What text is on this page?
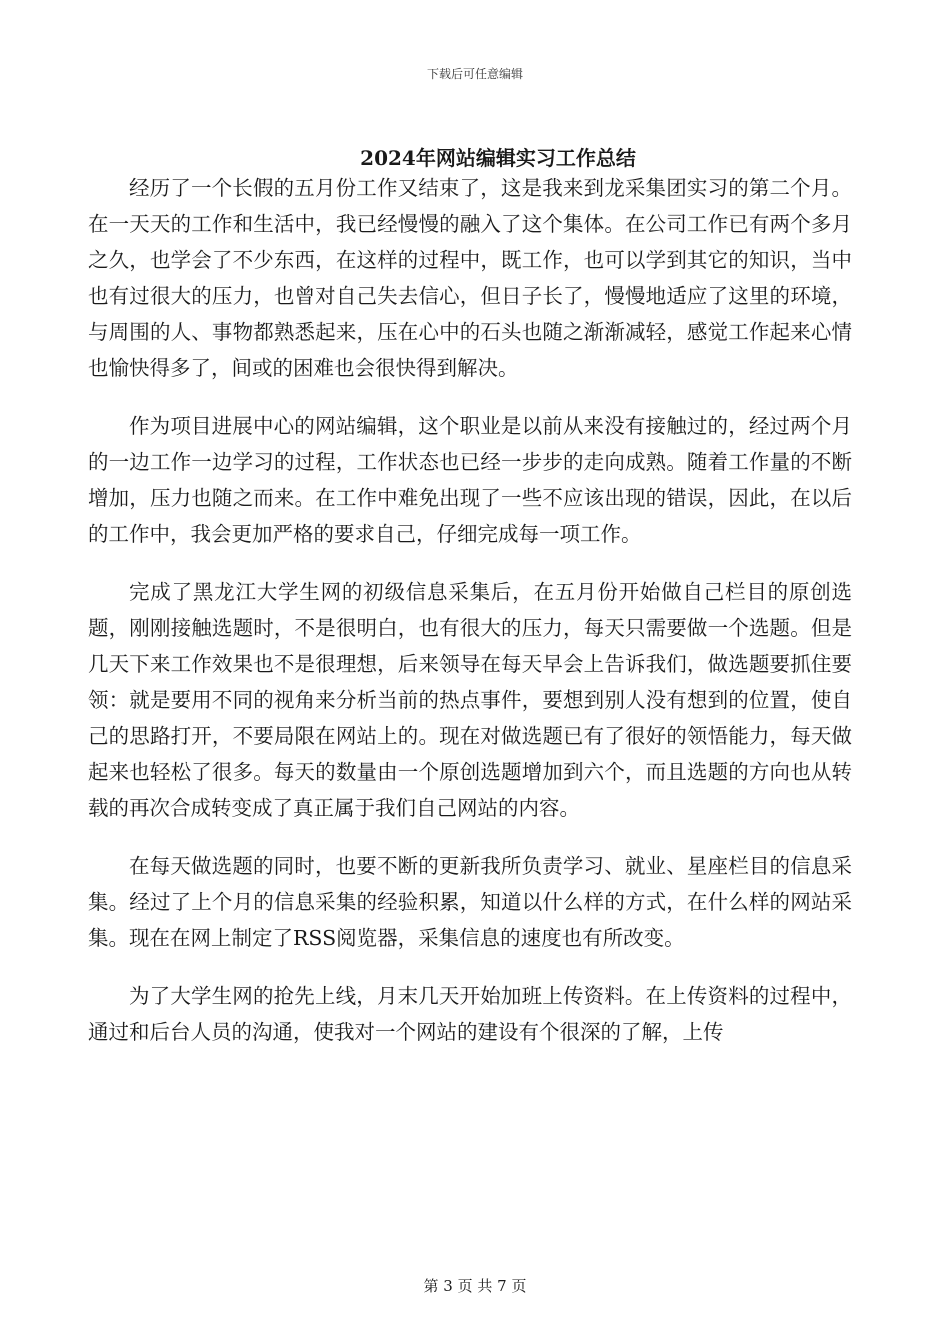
下载后可任意编辑
2024年网站编辑实习工作总结

经历了一个长假的五月份工作又结束了，这是我来到龙采集团实习的第二个月。在一天天的工作和生活中，我已经慢慢的融入了这个集体。在公司工作已有两个多月之久，也学会了不少东西，在这样的过程中，既工作，也可以学到其它的知识，当中也有过很大的压力，也曾对自己失去信心，但日子长了，慢慢地适应了这里的环境，与周围的人、事物都熟悉起来，压在心中的石头也随之渐渐减轻，感觉工作起来心情也愉快得多了，间或的困难也会很快得到解决。

作为项目进展中心的网站编辑，这个职业是以前从来没有接触过的，经过两个月的一边工作一边学习的过程，工作状态也已经一步步的走向成熟。随着工作量的不断增加，压力也随之而来。在工作中难免出现了一些不应该出现的错误，因此，在以后的工作中，我会更加严格的要求自己，仔细完成每一项工作。

完成了黑龙江大学生网的初级信息采集后，在五月份开始做自己栏目的原创选题，刚刚接触选题时，不是很明白，也有很大的压力，每天只需要做一个选题。但是几天下来工作效果也不是很理想，后来领导在每天早会上告诉我们，做选题要抓住要领：就是要用不同的视角来分析当前的热点事件，要想到别人没有想到的位置，使自己的思路打开，不要局限在网站上的。现在对做选题已有了很好的领悟能力，每天做起来也轻松了很多。每天的数量由一个原创选题增加到六个，而且选题的方向也从转载的再次合成转变成了真正属于我们自己网站的内容。

在每天做选题的同时，也要不断的更新我所负责学习、就业、星座栏目的信息采集。经过了上个月的信息采集的经验积累，知道以什么样的方式，在什么样的网站采集。现在在网上制定了RSS阅览器，采集信息的速度也有所改变。

为了大学生网的抢先上线，月末几天开始加班上传资料。在上传资料的过程中，通过和后台人员的沟通，使我对一个网站的建设有个很深的了解，上传

第 3 页 共 7 页
